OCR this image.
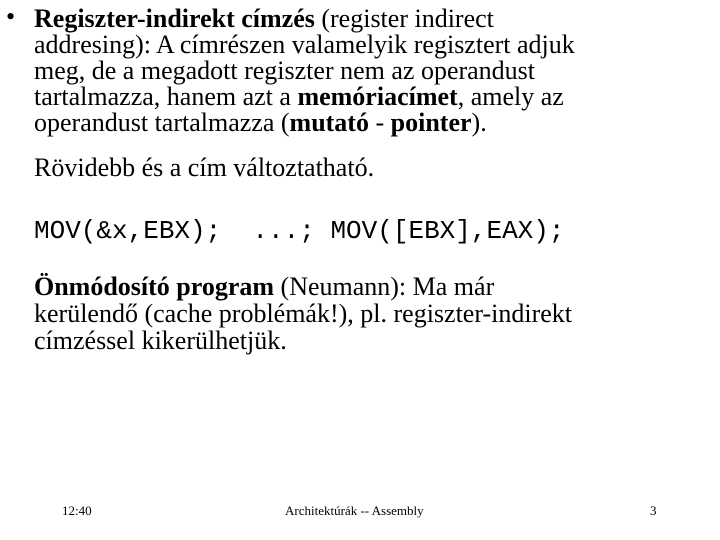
• Regiszter-indirekt címzés (register indirect
addresing): A címrészen valamelyik regisztert adjuk
meg, de a megadott regiszter nem az operandust
tartalmazza, hanem azt a memóriacímet, amely az
operandust tartalmazza (mutató - pointer).
Rövidebb és a cím változtatható.
MOV(&x,EBX);  ...; MOV([EBX],EAX);
Önmódosító program (Neumann): Ma már
kerülendő (cache problémák!), pl. regiszter-indirekt
címzéssel kikerülhetjük.
12:40	Architektúrák -- Assembly	3
